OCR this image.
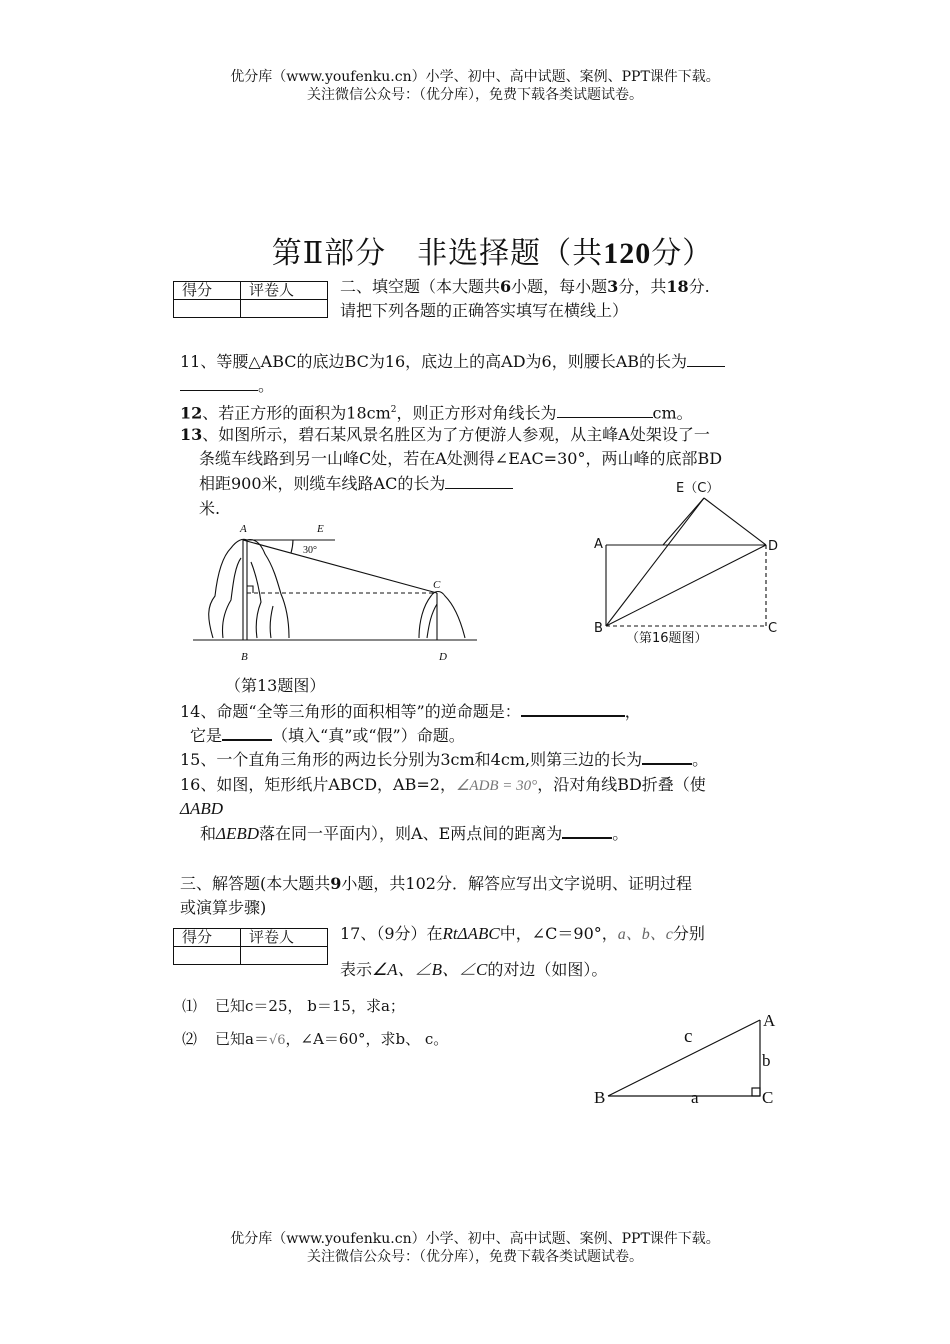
优分库（www.youfenku.cn）小学、初中、高中试题、案例、PPT课件下载。
关注微信公众号：（优分库），免费下载各类试题试卷。
第Ⅱ部分　非选择题（共120分）
得分	评卷人
		二、填空题（本大题共6小题，每小题3分，共18分.
请把下列各题的正确答实填写在横线上）
11、等腰△ABC的底边BC为16，底边上的高AD为6，则腰长AB的长为
。
12、若正方形的面积为$18cm^2$，则正方形对角线长为	cm。
13、如图所示，碧石某风景名胜区为了方便游人参观，从主峰A处架设了一
条缆车线路到另一山峰C处，若在A处测得∠EAC=30°，两山峰的底部BD
相距900米，则缆车线路AC的长为
米.
A	E
30°
C
B	D
（第13题图）
E（C）
A	D
B	C
（第16题图）
14、命题“全等三角形的面积相等”的逆命题是：	，
它是	（填入“真”或“假”）命题。
15、一个直角三角形的两边长分别为3cm和4cm,则第三边的长为	。
16、如图，矩形纸片ABCD，AB=2，∠ADB = 30°，沿对角线BD折叠（使
ΔABD
和ΔEBD落在同一平面内），则A、E两点间的距离为	。
三、解答题(本大题共9小题，共102分．解答应写出文字说明、证明过程
或演算步骤)
得分	评卷人
		17、（9分）在RtΔABC中，∠C＝90°，a、b、c分别
表示∠A、∠B、∠C的对边（如图）。
⑴ 已知c＝25， b＝15，求a；
⑵ 已知a＝√6，∠A＝60°，求b、 c。
A
B	C
a
b
c
优分库（www.youfenku.cn）小学、初中、高中试题、案例、PPT课件下载。
关注微信公众号：（优分库），免费下载各类试题试卷。
